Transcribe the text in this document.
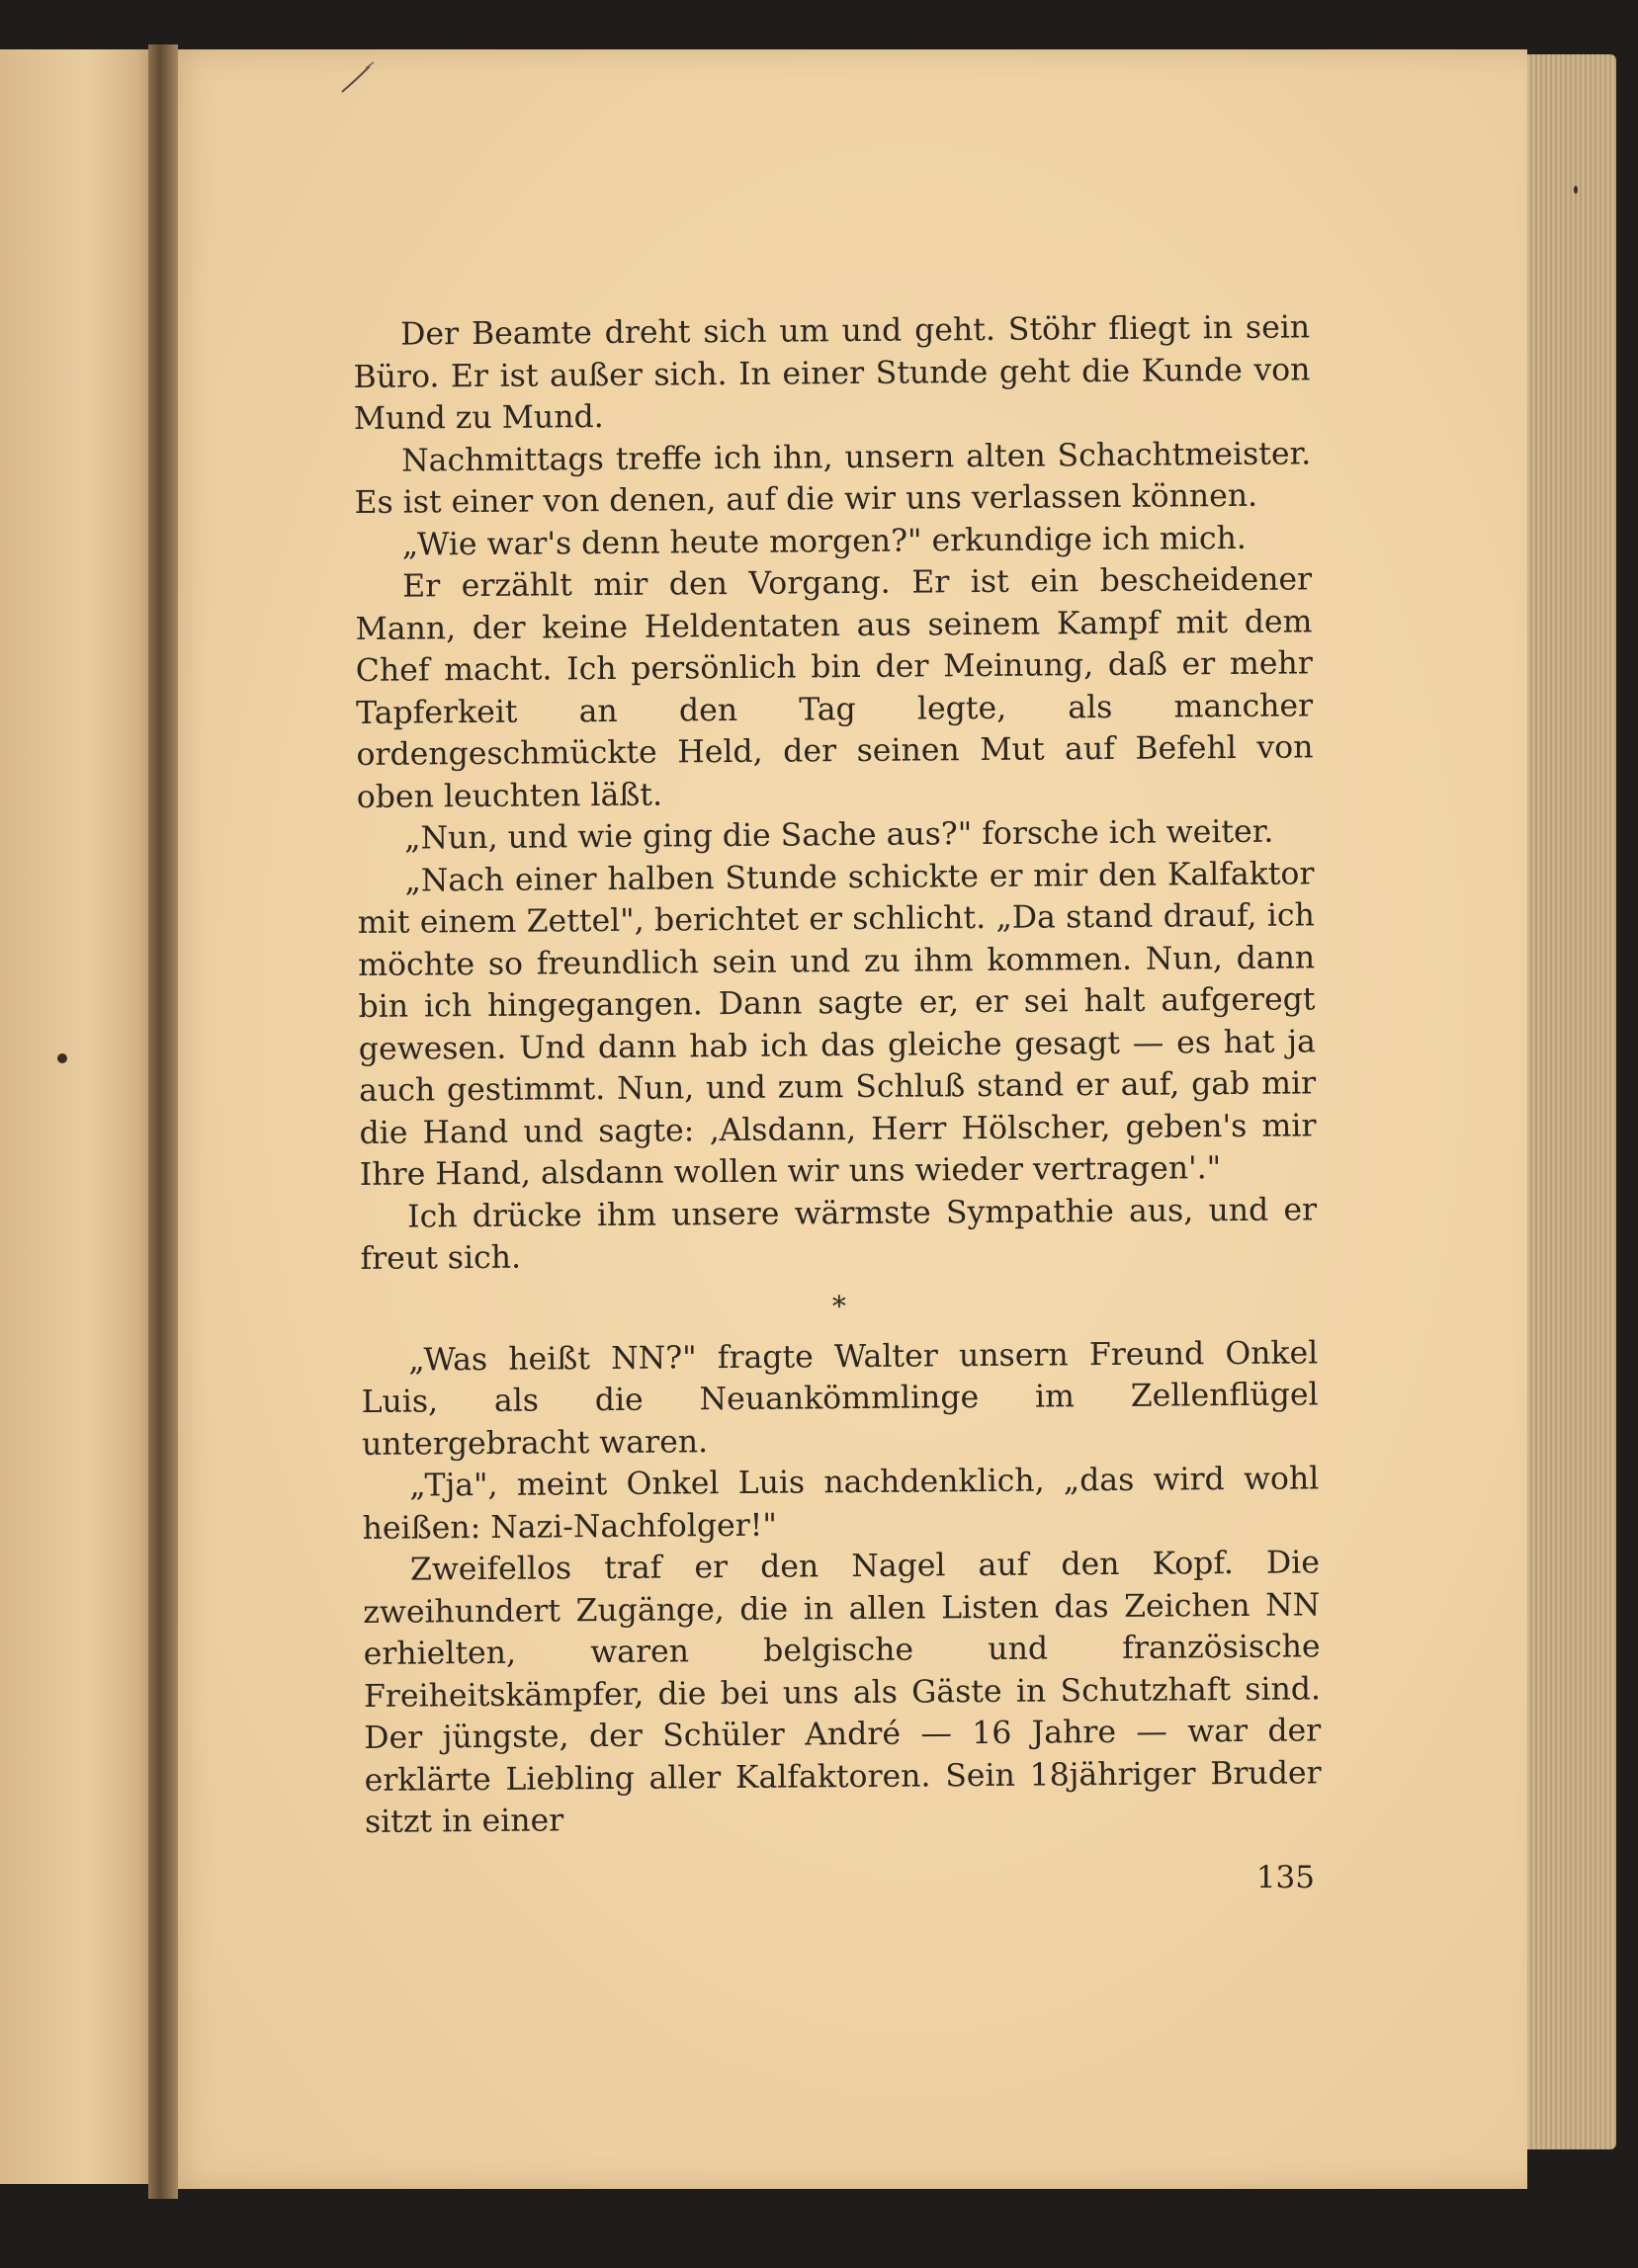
Der Beamte dreht sich um und geht. Stöhr fliegt in sein Büro. Er ist außer sich. In einer Stunde geht die Kunde von Mund zu Mund.

Nachmittags treffe ich ihn, unsern alten Schachtmeister. Es ist einer von denen, auf die wir uns verlassen können.

„Wie war's denn heute morgen?" erkundige ich mich.

Er erzählt mir den Vorgang. Er ist ein bescheidener Mann, der keine Heldentaten aus seinem Kampf mit dem Chef macht. Ich persönlich bin der Meinung, daß er mehr Tapferkeit an den Tag legte, als mancher ordengeschmückte Held, der seinen Mut auf Befehl von oben leuchten läßt.

„Nun, und wie ging die Sache aus?" forsche ich weiter.

„Nach einer halben Stunde schickte er mir den Kalfaktor mit einem Zettel", berichtet er schlicht. „Da stand drauf, ich möchte so freundlich sein und zu ihm kommen. Nun, dann bin ich hingegangen. Dann sagte er, er sei halt aufgeregt gewesen. Und dann hab ich das gleiche gesagt — es hat ja auch gestimmt. Nun, und zum Schluß stand er auf, gab mir die Hand und sagte: ‚Alsdann, Herr Hölscher, geben's mir Ihre Hand, alsdann wollen wir uns wieder vertragen'."

Ich drücke ihm unsere wärmste Sympathie aus, und er freut sich.

*

„Was heißt NN?" fragte Walter unsern Freund Onkel Luis, als die Neuankömmlinge im Zellenflügel untergebracht waren.

„Tja", meint Onkel Luis nachdenklich, „das wird wohl heißen: Nazi-Nachfolger!"

Zweifellos traf er den Nagel auf den Kopf. Die zweihundert Zugänge, die in allen Listen das Zeichen NN erhielten, waren belgische und französische Freiheitskämpfer, die bei uns als Gäste in Schutzhaft sind. Der jüngste, der Schüler André — 16 Jahre — war der erklärte Liebling aller Kalfaktoren. Sein 18jähriger Bruder sitzt in einer

135
